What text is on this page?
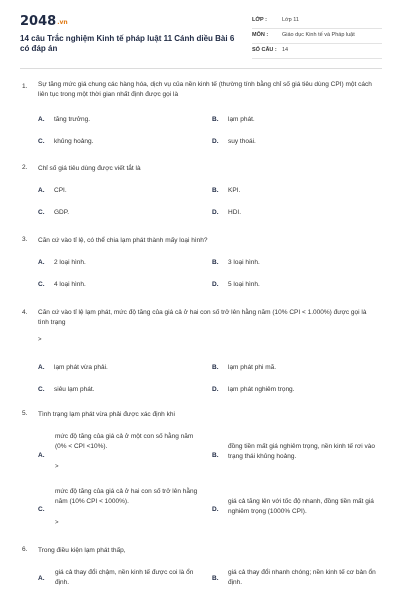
2048.vn
14 câu Trắc nghiệm Kinh tế pháp luật 11 Cánh diều Bài 6 có đáp án
LỚP :	Lớp 11
MÔN :	Giáo dục Kinh tế và Pháp luật
SỐ CÂU : 14
1. Sự tăng mức giá chung các hàng hóa, dịch vụ của nền kinh tế (thường tính bằng chỉ số giá tiêu dùng CPI) một cách liên tục trong một thời gian nhất định được gọi là
A. tăng trưởng.	B. lạm phát.
C. khủng hoảng.	D. suy thoái.
2. Chỉ số giá tiêu dùng được viết tắt là
A. CPI.	B. KPI.
C. GDP.	D. HDI.
3. Căn cứ vào tỉ lệ, có thể chia lạm phát thành mấy loại hình?
A. 2 loại hình.	B. 3 loại hình.
C. 4 loại hình.	D. 5 loại hình.
4. Căn cứ vào tỉ lệ lạm phát, mức độ tăng của giá cả ở hai con số trở lên hằng năm (10% CPI < 1.000%) được gọi là tình trạng
>
A. lạm phát vừa phải.	B. lạm phát phi mã.
C. siêu lạm phát.	D. lạm phát nghiêm trọng.
5. Tình trạng lạm phát vừa phải được xác định khi
A.
mức độ tăng của giá cả ở một con số hằng năm (0% < CPI <10%).
>
B.
đồng tiền mất giá nghiêm trọng, nền kinh tế rơi vào trạng thái khủng hoảng.
C.
mức độ tăng của giá cả ở hai con số trở lên hằng năm (10% CPI < 1000%).
>
D.
giá cả tăng lên với tốc độ nhanh, đồng tiền mất giá nghiêm trọng (1000% CPI).
6. Trong điều kiện lạm phát thấp,
A.
giá cả thay đổi chậm, nền kinh tế được coi là ổn định.
B.
giá cả thay đổi nhanh chóng; nền kinh tế cơ bản ổn định.
